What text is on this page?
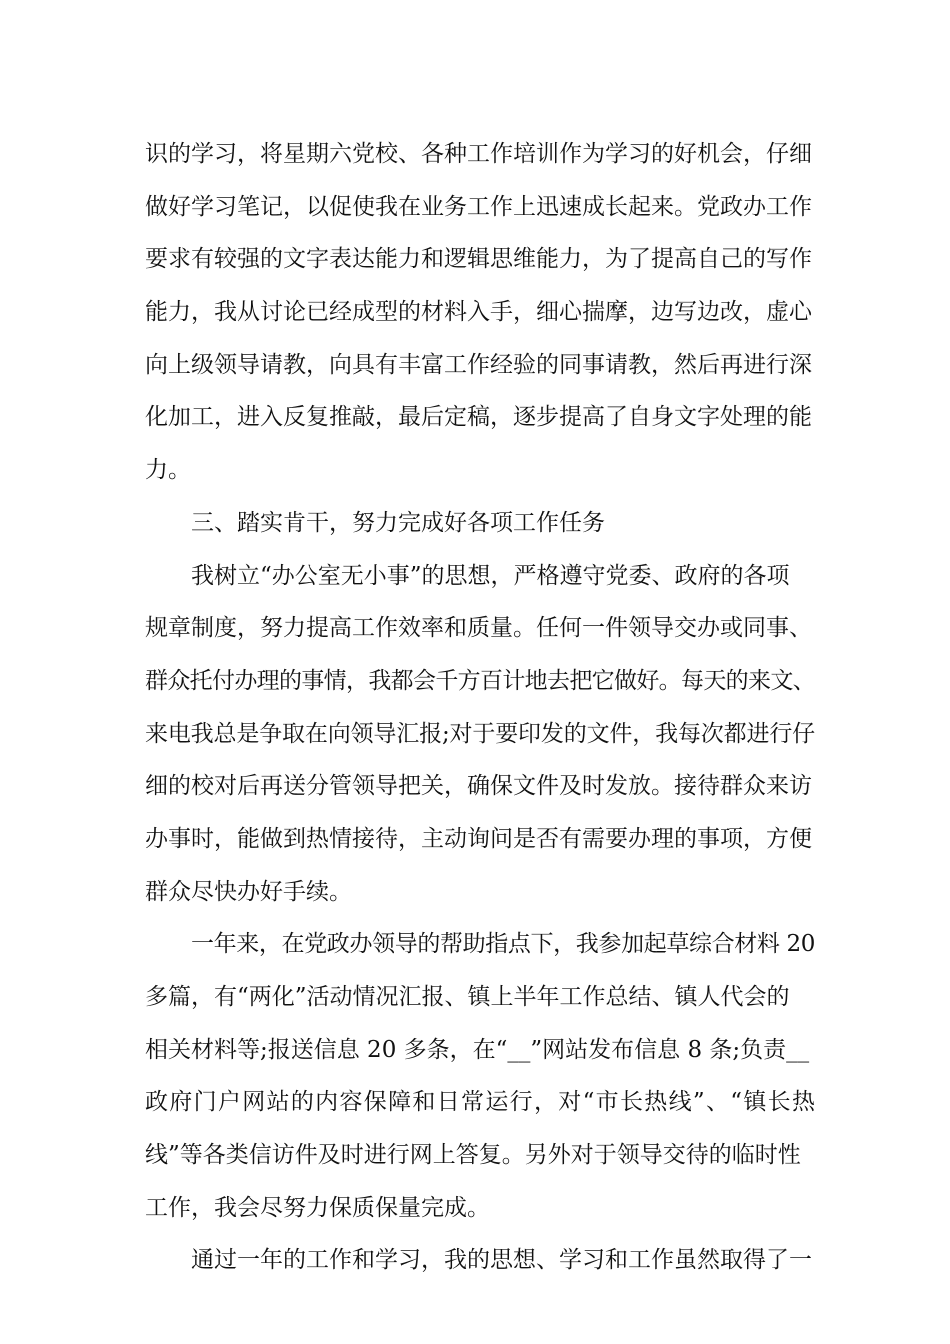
识的学习，将星期六党校、各种工作培训作为学习的好机会，仔细
做好学习笔记，以促使我在业务工作上迅速成长起来。党政办工作
要求有较强的文字表达能力和逻辑思维能力，为了提高自己的写作
能力，我从讨论已经成型的材料入手，细心揣摩，边写边改，虚心
向上级领导请教，向具有丰富工作经验的同事请教，然后再进行深
化加工，进入反复推敲，最后定稿，逐步提高了自身文字处理的能
力。
三、踏实肯干，努力完成好各项工作任务
我树立“办公室无小事”的思想，严格遵守党委、政府的各项
规章制度，努力提高工作效率和质量。任何一件领导交办或同事、
群众托付办理的事情，我都会千方百计地去把它做好。每天的来文、
来电我总是争取在向领导汇报;对于要印发的文件，我每次都进行仔
细的校对后再送分管领导把关，确保文件及时发放。接待群众来访
办事时，能做到热情接待，主动询问是否有需要办理的事项，方便
群众尽快办好手续。
一年来，在党政办领导的帮助指点下，我参加起草综合材料 20
多篇，有“两化”活动情况汇报、镇上半年工作总结、镇人代会的
相关材料等;报送信息 20 多条，在“__”网站发布信息 8 条;负责__
政府门户网站的内容保障和日常运行，对“市长热线”、“镇长热
线”等各类信访件及时进行网上答复。另外对于领导交待的临时性
工作，我会尽努力保质保量完成。
通过一年的工作和学习，我的思想、学习和工作虽然取得了一
